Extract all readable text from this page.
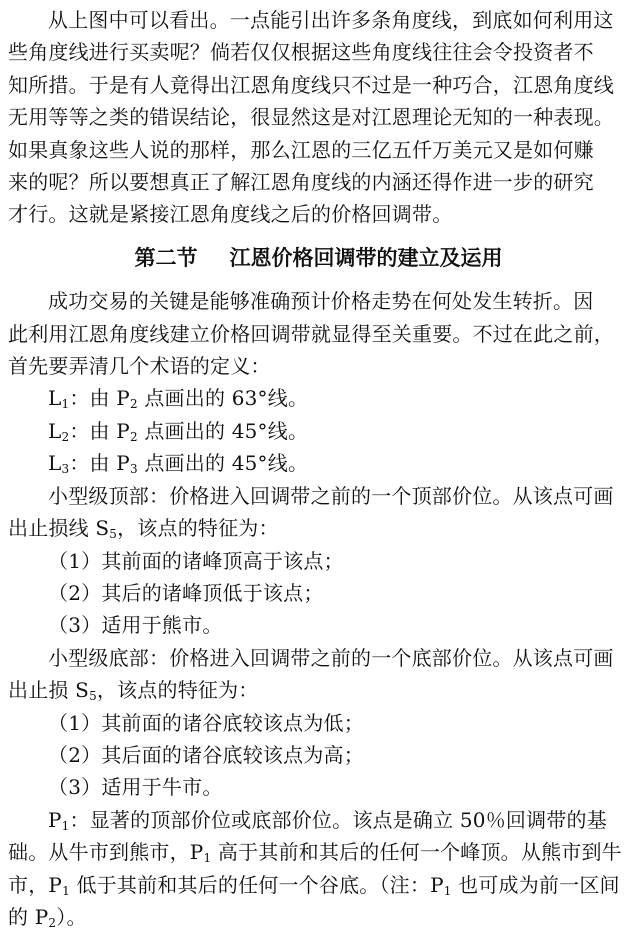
从上图中可以看出。一点能引出许多条角度线，到底如何利用这
些角度线进行买卖呢？倘若仅仅根据这些角度线往往会令投资者不
知所措。于是有人竟得出江恩角度线只不过是一种巧合，江恩角度线
无用等等之类的错误结论，很显然这是对江恩理论无知的一种表现。
如果真象这些人说的那样，那么江恩的三亿五仟万美元又是如何赚
来的呢？所以要想真正了解江恩角度线的内涵还得作进一步的研究
才行。这就是紧接江恩角度线之后的价格回调带。
第二节 江恩价格回调带的建立及运用
成功交易的关键是能够准确预计价格走势在何处发生转折。因
此利用江恩角度线建立价格回调带就显得至关重要。不过在此之前，
首先要弄清几个术语的定义：
$L_1$：由 $P_2$ 点画出的 63°线。
$L_2$：由 $P_2$ 点画出的 45°线。
$L_3$：由 $P_3$ 点画出的 45°线。
小型级顶部：价格进入回调带之前的一个顶部价位。从该点可画
出止损线 $S_5$，该点的特征为：
（1）其前面的诸峰顶高于该点；
（2）其后的诸峰顶低于该点；
（3）适用于熊市。
小型级底部：价格进入回调带之前的一个底部价位。从该点可画
出止损 $S_5$，该点的特征为：
（1）其前面的诸谷底较该点为低；
（2）其后面的诸谷底较该点为高；
（3）适用于牛市。
$P_1$：显著的顶部价位或底部价位。该点是确立 50％回调带的基
础。从牛市到熊市，$P_1$ 高于其前和其后的任何一个峰顶。从熊市到牛
市，$P_1$ 低于其前和其后的任何一个谷底。（注：$P_1$ 也可成为前一区间
的 $P_2$）。
